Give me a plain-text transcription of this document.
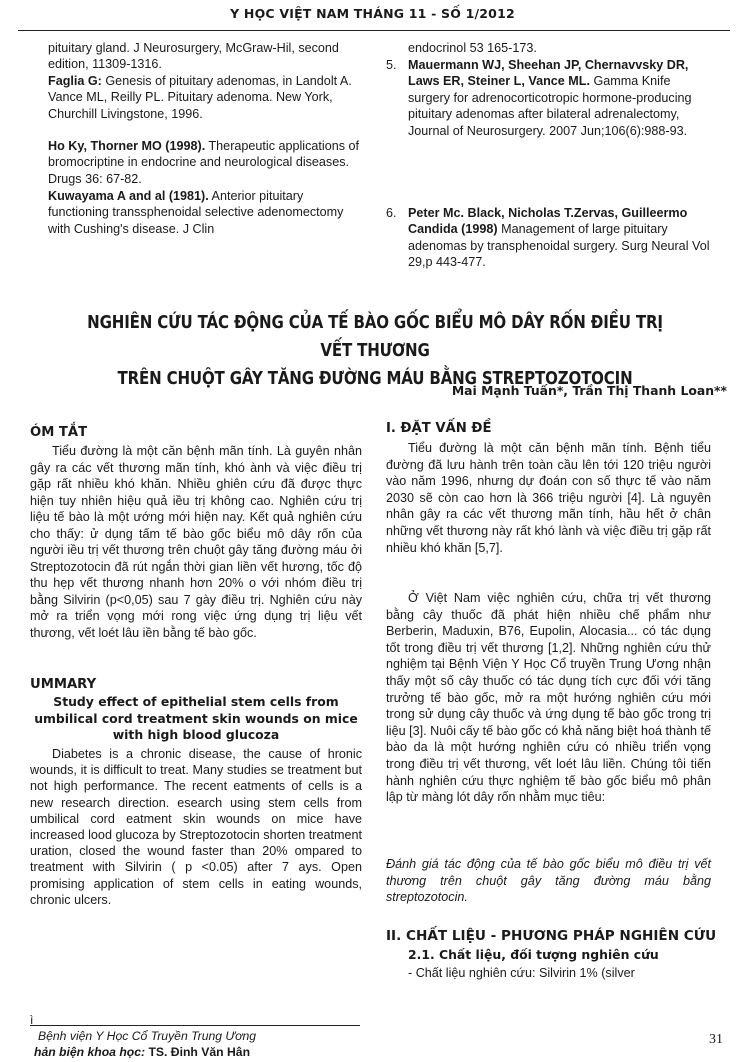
Y HỌC VIỆT NAM THÁNG 11 - SỐ 1/2012
pituitary gland. J Neurosurgery, McGraw-Hil, second edition, 11309-1316.
Faglia G: Genesis of pituitary adenomas, in Landolt A. Vance ML, Reilly PL. Pituitary adenoma. New York, Churchill Livingstone, 1996.
Ho Ky, Thorner MO (1998). Therapeutic applications of bromocriptine in endocrine and neurological diseases. Drugs 36: 67-82.
Kuwayama A and al (1981). Anterior pituitary functioning transsphenoidal selective adenomectomy with Cushing's disease. J Clin
endocrinol 53 165-173.
5. Mauermann WJ, Sheehan JP, Chernavvsky DR, Laws ER, Steiner L, Vance ML. Gamma Knife surgery for adrenocorticotropic hormone-producing pituitary adenomas after bilateral adrenalectomy, Journal of Neurosurgery. 2007 Jun;106(6):988-93.
6. Peter Mc. Black, Nicholas T.Zervas, Guilleermo Candida (1998) Management of large pituitary adenomas by transphenoidal surgery. Surg Neural Vol 29,p 443-477.
NGHIÊN CỨU TÁC ĐỘNG CỦA TẾ BÀO GỐC BIỂU MÔ DÂY RỐN ĐIỀU TRỊ VẾT THƯƠNG
TRÊN CHUỘT GÂY TĂNG ĐƯỜNG MÁU BẰNG STREPTOZOTOCIN
Mai Mạnh Tuấn*, Trần Thị Thanh Loan**
ÓM TẮT
Tiểu đường là một căn bệnh mãn tính. Là guyên nhân gây ra các vết thương mãn tính, khó ành và việc điều trị gặp rất nhiều khó khăn. Nhiều ghiên cứu đã được thực hiện tuy nhiên hiệu quả iều trị không cao. Nghiên cứu trị liệu tế bào là một ướng mới hiện nay. Kết quả nghiên cứu cho thấy: ử dụng tấm tế bào gốc biểu mô dây rốn của người iều trị vết thương trên chuột gây tăng đường máu ởi Streptozotocin đã rút ngắn thời gian liền vết hương, tốc độ thu hẹp vết thương nhanh hơn 20% o với nhóm điều trị bằng Silvirin (p<0,05) sau 7 gày điều trị. Nghiên cứu này mở ra triển vọng mới rong việc ứng dụng trị liệu vết thương, vết loét lâu iền bằng tế bào gốc.
UMMARY
Study effect of epithelial stem cells from
umbilical cord treatment skin wounds on mice
with high blood glucoza
Diabetes is a chronic disease, the cause of hronic wounds, it is difficult to treat. Many studies se treatment but not high performance. The recent eatments of cells is a new research direction. esearch using stem cells from umbilical cord eatment skin wounds on mice have increased lood glucoza by Streptozotocin shorten treatment uration, closed the wound faster than 20% ompared to treatment with Silvirin ( p <0.05) after 7 ays. Open promising application of stem cells in eating wounds, chronic ulcers.
ì
Bệnh viện Y Học Cổ Truyền Trung Ương
hản biện khoa học: TS. Đinh Văn Hân
I. ĐẶT VẤN ĐỀ
Tiểu đường là một căn bệnh mãn tính. Bệnh tiểu đường đã lưu hành trên toàn cầu lên tới 120 triệu người vào năm 1996, nhưng dự đoán con số thực tế vào năm 2030 sẽ còn cao hơn là 366 triệu người [4]. Là nguyên nhân gây ra các vết thương mãn tính, hầu hết ở chân những vết thương này rất khó lành và việc điều trị gặp rất nhiều khó khăn [5,7].
Ở Việt Nam việc nghiên cứu, chữa trị vết thương bằng cây thuốc đã phát hiện nhiều chế phẩm như Berberin, Maduxin, B76, Eupolin, Alocasia... có tác dụng tốt trong điều trị vết thương [1,2]. Những nghiên cứu thử nghiệm tại Bệnh Viện Y Học Cổ truyền Trung Ương nhận thấy một số cây thuốc có tác dụng tích cực đối với tăng trưởng tế bào gốc, mở ra một hướng nghiên cứu mới trong sử dụng cây thuốc và ứng dụng tế bào gốc trong trị liệu [3]. Nuôi cấy tế bào gốc có khả năng biệt hoá thành tế bào da là một hướng nghiên cứu có nhiều triển vọng trong điều trị vết thương, vết loét lâu liền. Chúng tôi tiến hành nghiên cứu thực nghiệm tế bào gốc biểu mô phân lập từ màng lót dây rốn nhằm mục tiêu:
Đánh giá tác động của tế bào gốc biểu mô điều trị vết thương trên chuột gây tăng đường máu bằng streptozotocin.
II. CHẤT LIỆU - PHƯƠNG PHÁP NGHIÊN CỨU
2.1. Chất liệu, đối tượng nghiên cứu
- Chất liệu nghiên cứu: Silvirin 1% (silver
31
